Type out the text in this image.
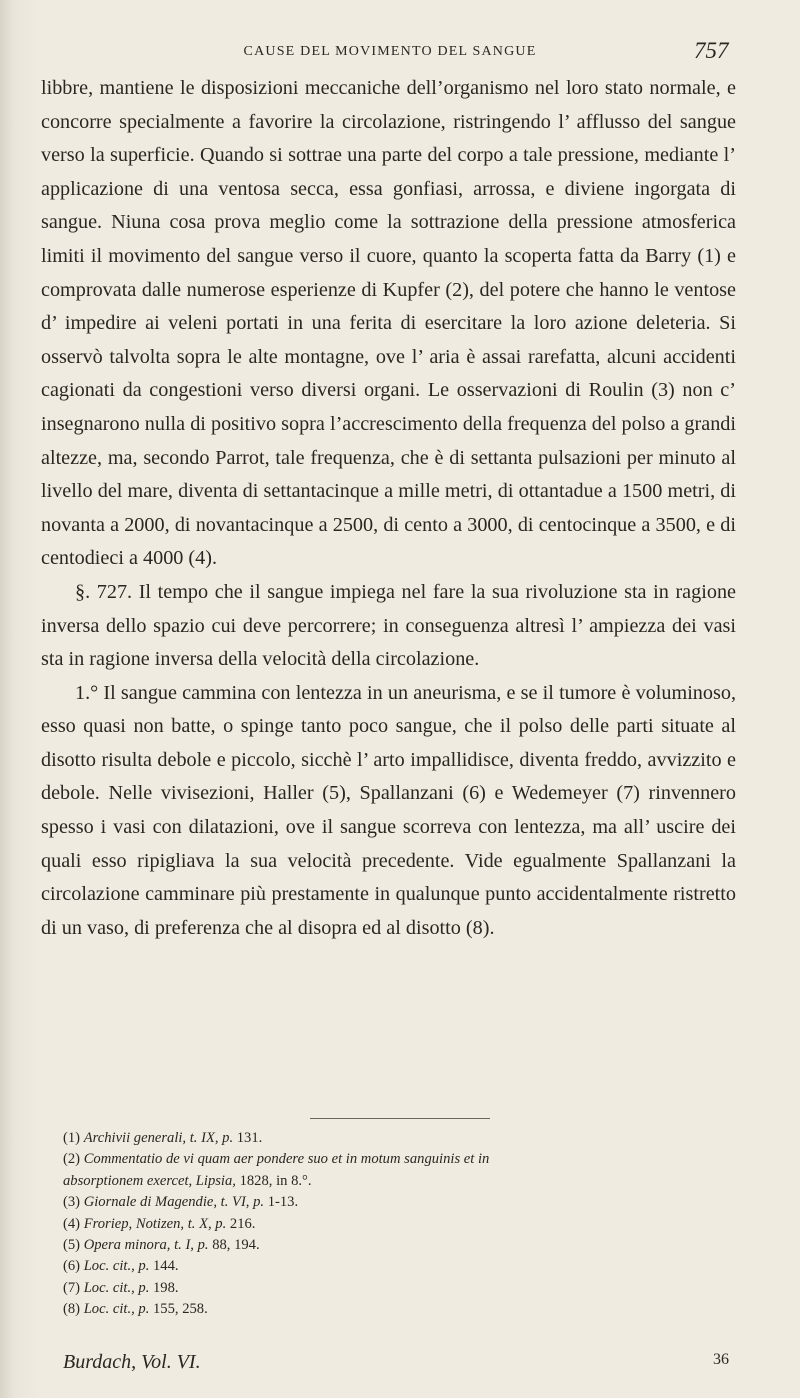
CAUSE DEL MOVIMENTO DEL SANGUE	757

libbre, mantiene le disposizioni meccaniche dell’organismo nel loro stato normale, e concorre specialmente a favorire la circolazione, ristringendo l’ afflusso del sangue verso la superficie. Quando si sottrae una parte del corpo a tale pressione, mediante l’ applicazione di una ventosa secca, essa gonfiasi, arrossa, e diviene ingorgata di sangue. Niuna cosa prova meglio come la sottrazione della pressione atmosferica limiti il movimento del sangue verso il cuore, quanto la scoperta fatta da Barry (1) e comprovata dalle numerose esperienze di Kupfer (2), del potere che hanno le ventose d’ impedire ai veleni portati in una ferita di esercitare la loro azione deleteria. Si osservò talvolta sopra le alte montagne, ove l’ aria è assai rarefatta, alcuni accidenti cagionati da congestioni verso diversi organi. Le osservazioni di Roulin (3) non c’ insegnarono nulla di positivo sopra l’accrescimento della frequenza del polso a grandi altezze, ma, secondo Parrot, tale frequenza, che è di settanta pulsazioni per minuto al livello del mare, diventa di settantacinque a mille metri, di ottantadue a 1500 metri, di novanta a 2000, di novantacinque a 2500, di cento a 3000, di centocinque a 3500, e di centodieci a 4000 (4).

§. 727. Il tempo che il sangue impiega nel fare la sua rivoluzione sta in ragione inversa dello spazio cui deve percorrere; in conseguenza altresì l’ ampiezza dei vasi sta in ragione inversa della velocità della circolazione.

1.° Il sangue cammina con lentezza in un aneurisma, e se il tumore è voluminoso, esso quasi non batte, o spinge tanto poco sangue, che il polso delle parti situate al disotto risulta debole e piccolo, sicchè l’ arto impallidisce, diventa freddo, avvizzito e debole. Nelle vivisezioni, Haller (5), Spallanzani (6) e Wedemeyer (7) rinvennero spesso i vasi con dilatazioni, ove il sangue scorreva con lentezza, ma all’ uscire dei quali esso ripigliava la sua velocità precedente. Vide egualmente Spallanzani la circolazione camminare più prestamente in qualunque punto accidentalmente ristretto di un vaso, di preferenza che al disopra ed al disotto (8).

(1) Archivii generali, t. IX, p. 131.
(2) Commentatio de vi quam aer pondere suo et in motum sanguinis et in
absorptionem exercet, Lipsia, 1828, in 8.°.
(3) Giornale di Magendie, t. VI, p. 1-13.
(4) Froriep, Notizen, t. X, p. 216.
(5) Opera minora, t. I, p. 88, 194.
(6) Loc. cit., p. 144.
(7) Loc. cit., p. 198.
(8) Loc. cit., p. 155, 258.
Burdach, Vol. VI.	36
